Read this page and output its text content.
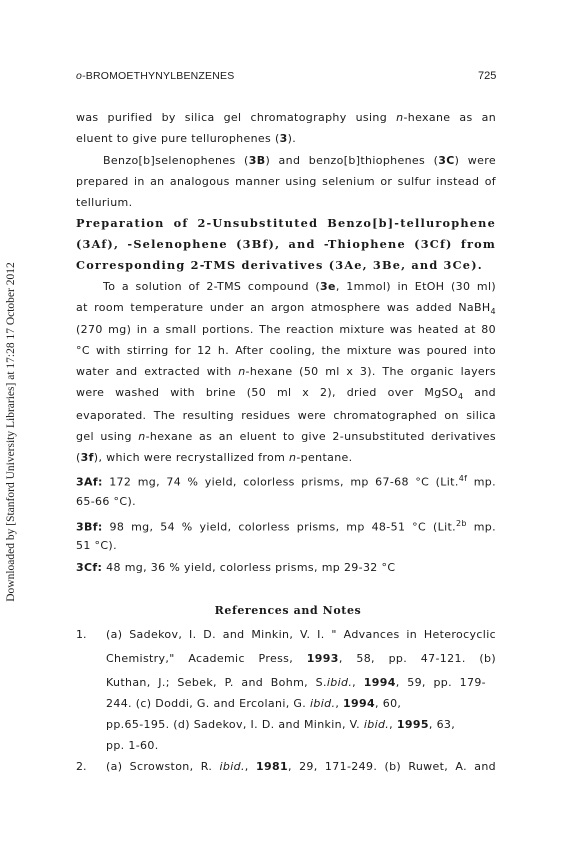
Downloaded by [Stanford University Libraries] at 17:28 17 October 2012
o-BROMOETHYNYLBENZENES	725
was purified by silica gel chromatography using n-hexane as an
eluent to give pure tellurophenes (3).
Benzo[b]selenophenes (3B) and benzo[b]thiophenes (3C) were
prepared in an analogous manner using selenium or sulfur instead of
tellurium.
Preparation of 2-Unsubstituted Benzo[b]-tellurophene
(3Af), -Selenophene (3Bf), and -Thiophene (3Cf) from
Corresponding 2-TMS derivatives (3Ae, 3Be, and 3Ce).
To a solution of 2-TMS compound (3e, 1mmol) in EtOH (30 ml)
at room temperature under an argon atmosphere was added NaBH$_4$
(270 mg) in a small portions. The reaction mixture was heated at 80
°C with stirring for 12 h. After cooling, the mixture was poured into
water and extracted with n-hexane (50 ml x 3). The organic layers
were washed with brine (50 ml x 2), dried over MgSO$_4$ and
evaporated. The resulting residues were chromatographed on silica
gel using n-hexane as an eluent to give 2-unsubstituted derivatives
(3f), which were recrystallized from n-pentane.
3Af: 172 mg, 74 % yield, colorless prisms, mp 67-68 °C (Lit.$^{4f}$ mp.
65-66 °C).
3Bf: 98 mg, 54 % yield, colorless prisms, mp 48-51 °C (Lit.$^{2b}$ mp.
51 °C).
3Cf: 48 mg, 36 % yield, colorless prisms, mp 29-32 °C
References and Notes
1. (a) Sadekov, I. D. and Minkin, V. I. " Advances in Heterocyclic
Chemistry," Academic Press, 1993, 58, pp. 47-121. (b)
Kuthan, J.; Sebek, P. and Bohm, S.ibid., 1994, 59, pp. 179-
244. (c) Doddi, G. and Ercolani, G. ibid., 1994, 60,
pp.65-195. (d) Sadekov, I. D. and Minkin, V. ibid., 1995, 63,
pp. 1-60.
2. (a) Scrowston, R. ibid., 1981, 29, 171-249. (b) Ruwet, A. and
